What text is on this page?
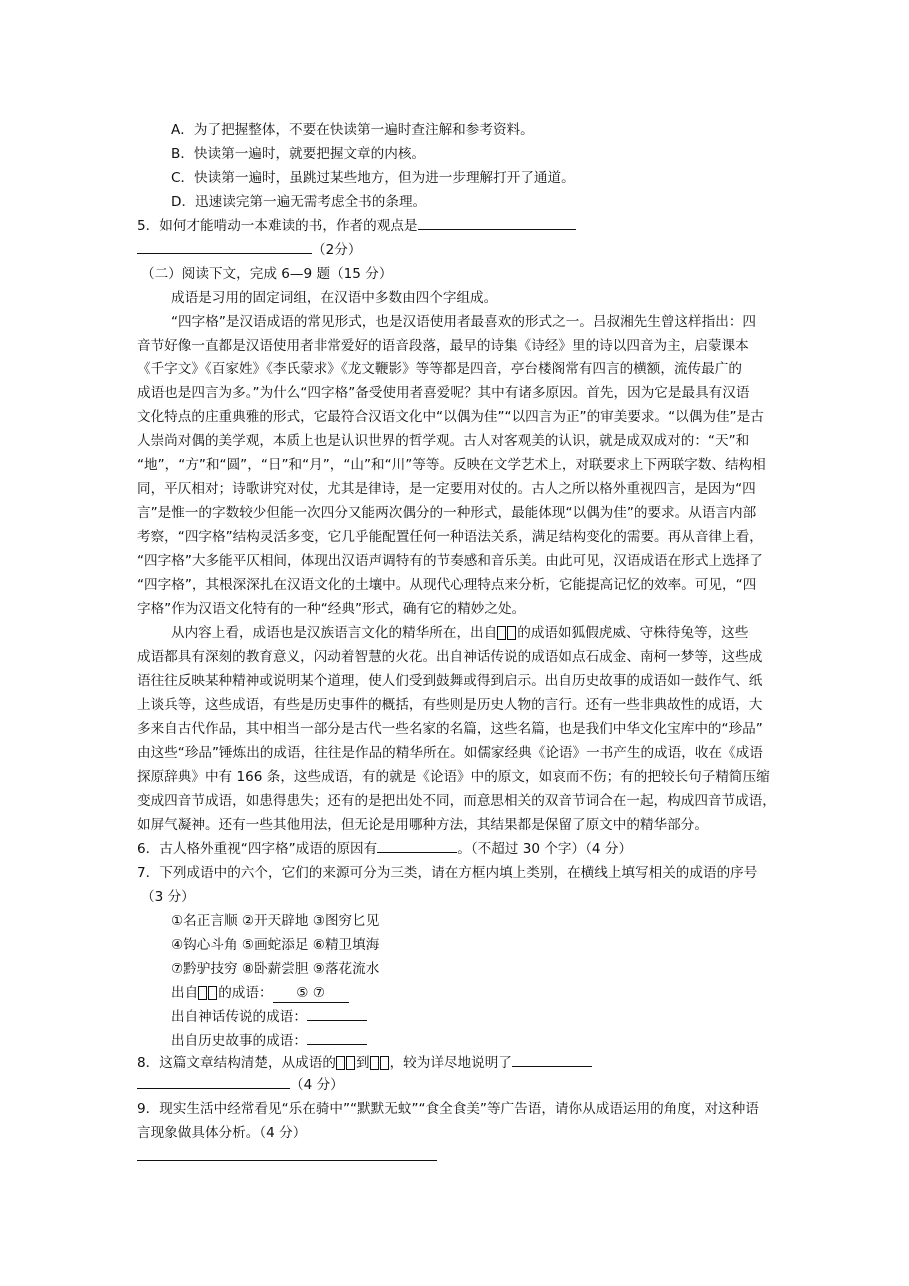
A．为了把握整体，不要在快读第一遍时查注解和参考资料。
B．快读第一遍时，就要把握文章的内核。
C．快读第一遍时，虽跳过某些地方，但为进一步理解打开了通道。
D．迅速读完第一遍无需考虑全书的条理。
5．如何才能啃动一本难读的书，作者的观点是
（2分）
（二）阅读下文，完成 6—9 题（15 分）
成语是习用的固定词组，在汉语中多数由四个字组成。
“四字格”是汉语成语的常见形式，也是汉语使用者最喜欢的形式之一。吕叔湘先生曾这样指出：四
音节好像一直都是汉语使用者非常爱好的语音段落，最早的诗集《诗经》里的诗以四音为主，启蒙课本
《千字文》《百家姓》《李氏蒙求》《龙文鞭影》等等都是四音，亭台楼阁常有四言的横额，流传最广的
成语也是四言为多。”为什么“四字格”备受使用者喜爱呢？其中有诸多原因。首先，因为它是最具有汉语
文化特点的庄重典雅的形式，它最符合汉语文化中“以偶为佳”“以四言为正”的审美要求。“以偶为佳”是古
人崇尚对偶的美学观，本质上也是认识世界的哲学观。古人对客观美的认识，就是成双成对的：“天”和
“地”，“方”和“圆”，“日”和“月”，“山”和“川”等等。反映在文学艺术上，对联要求上下两联字数、结构相
同，平仄相对；诗歌讲究对仗，尤其是律诗，是一定要用对仗的。古人之所以格外重视四言，是因为“四
言”是惟一的字数较少但能一次四分又能两次偶分的一种形式，最能体现“以偶为佳”的要求。从语言内部
考察，“四字格”结构灵活多变，它几乎能配置任何一种语法关系，满足结构变化的需要。再从音律上看，
“四字格”大多能平仄相间，体现出汉语声调特有的节奏感和音乐美。由此可见，汉语成语在形式上选择了
“四字格”，其根深深扎在汉语文化的土壤中。从现代心理特点来分析，它能提高记忆的效率。可见，“四
字格”作为汉语文化特有的一种“经典”形式，确有它的精妙之处。
从内容上看，成语也是汉族语言文化的精华所在，出自 的成语如狐假虎威、守株待兔等，这些
成语都具有深刻的教育意义，闪动着智慧的火花。出自神话传说的成语如点石成金、南柯一梦等，这些成
语往往反映某种精神或说明某个道理，使人们受到鼓舞或得到启示。出自历史故事的成语如一鼓作气、纸
上谈兵等，这些成语，有些是历史事件的概括，有些则是历史人物的言行。还有一些非典故性的成语，大
多来自古代作品，其中相当一部分是古代一些名家的名篇，这些名篇，也是我们中华文化宝库中的“珍品”
由这些“珍品”锤炼出的成语，往往是作品的精华所在。如儒家经典《论语》一书产生的成语，收在《成语
探原辞典》中有 166 条，这些成语，有的就是《论语》中的原文，如哀而不伤；有的把较长句子精简压缩
变成四音节成语，如患得患失；还有的是把出处不同，而意思相关的双音节词合在一起，构成四音节成语，
如屏气凝神。还有一些其他用法，但无论是用哪种方法，其结果都是保留了原文中的精华部分。
6．古人格外重视“四字格”成语的原因有	。（不超过 30 个字）（4 分）
7．下列成语中的六个，它们的来源可分为三类，请在方框内填上类别，在横线上填写相关的成语的序号
（3 分）
①名正言顺 ②开天辟地 ③图穷匕见
④钩心斗角 ⑤画蛇添足 ⑥精卫填海
⑦黔驴技穷 ⑧卧薪尝胆 ⑨落花流水
出自 的成语： ⑤ ⑦
出自神话传说的成语：
出自历史故事的成语：
8．这篇文章结构清楚，从成语的 到 ，较为详尽地说明了
（4 分）
9．现实生活中经常看见“乐在骑中”“默默无蚊”“食全食美”等广告语，请你从成语运用的角度，对这种语
言现象做具体分析。（4 分）
